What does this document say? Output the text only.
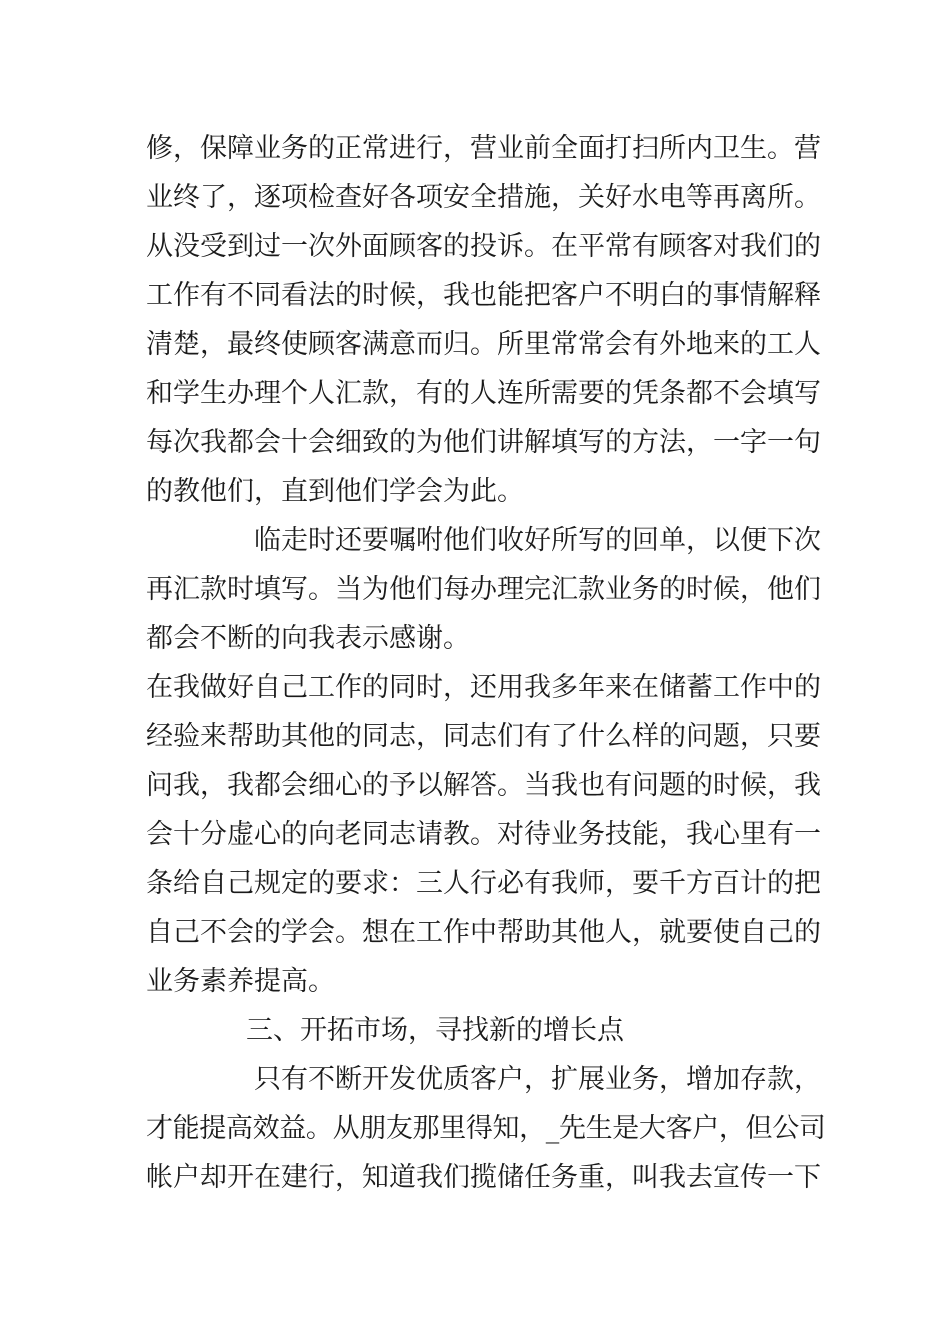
修，保障业务的正常进行，营业前全面打扫所内卫生。营
业终了，逐项检查好各项安全措施，关好水电等再离所。
从没受到过一次外面顾客的投诉。在平常有顾客对我们的
工作有不同看法的时候，我也能把客户不明白的事情解释
清楚，最终使顾客满意而归。所里常常会有外地来的工人
和学生办理个人汇款，有的人连所需要的凭条都不会填写
每次我都会十会细致的为他们讲解填写的方法，一字一句
的教他们，直到他们学会为此。
临走时还要嘱咐他们收好所写的回单，以便下次
再汇款时填写。当为他们每办理完汇款业务的时候，他们
都会不断的向我表示感谢。
在我做好自己工作的同时，还用我多年来在储蓄工作中的
经验来帮助其他的同志，同志们有了什么样的问题，只要
问我，我都会细心的予以解答。当我也有问题的时候，我
会十分虚心的向老同志请教。对待业务技能，我心里有一
条给自己规定的要求：三人行必有我师，要千方百计的把
自己不会的学会。想在工作中帮助其他人，就要使自己的
业务素养提高。
三、开拓市场，寻找新的增长点
只有不断开发优质客户，扩展业务，增加存款，
才能提高效益。从朋友那里得知，_先生是大客户，但公司
帐户却开在建行，知道我们揽储任务重，叫我去宣传一下
